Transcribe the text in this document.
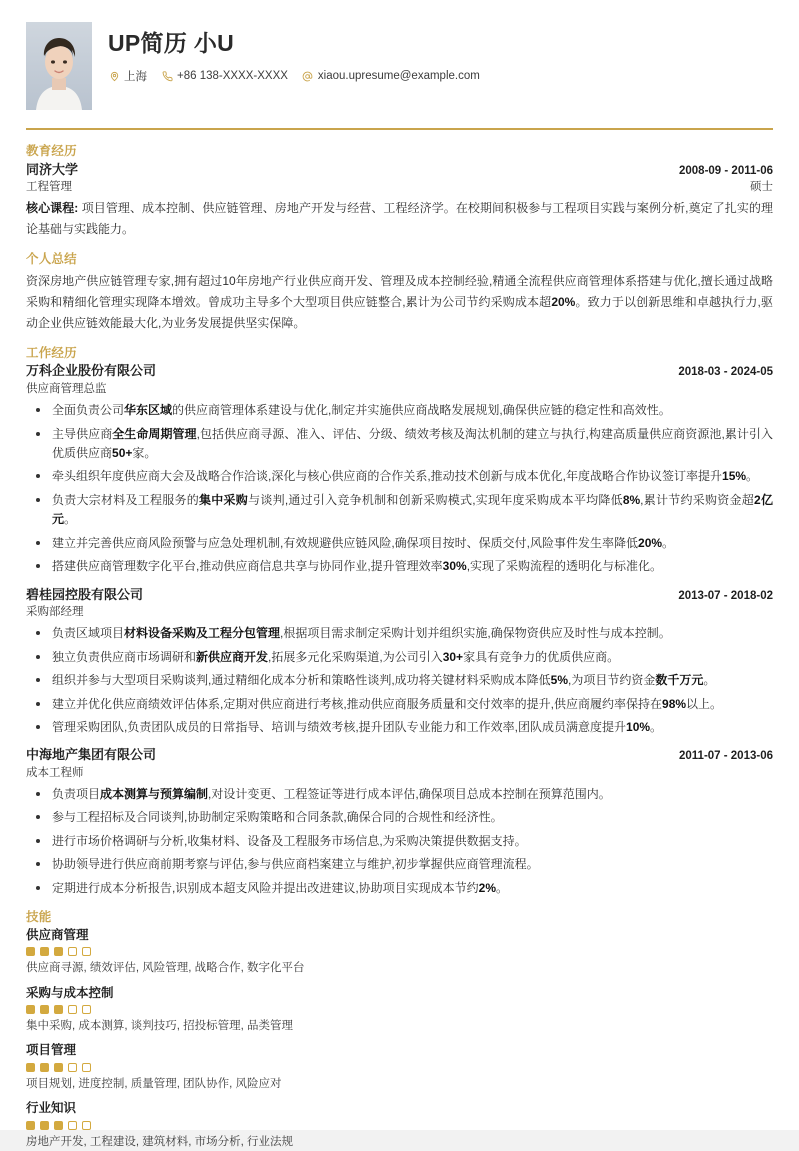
UP简历 小U
上海	+86 138-XXXX-XXXX	xiaou.upresume@example.com
教育经历
同济大学	2008-09 - 2011-06
工程管理	硕士

核心课程: 项目管理、成本控制、供应链管理、房地产开发与经营、工程经济学。在校期间积极参与工程项目实践与案例分析,奠定了扎实的理论基础与实践能力。

个人总结

资深房地产供应链管理专家,拥有超过10年房地产行业供应商开发、管理及成本控制经验,精通全流程供应商管理体系搭建与优化,擅长通过战略采购和精细化管理实现降本增效。曾成功主导多个大型项目供应链整合,累计为公司节约采购成本超20%。致力于以创新思维和卓越执行力,驱动企业供应链效能最大化,为业务发展提供坚实保障。

工作经历
万科企业股份有限公司	2018-03 - 2024-05
供应商管理总监
全面负责公司华东区域的供应商管理体系建设与优化,制定并实施供应商战略发展规划,确保供应链的稳定性和高效性。
主导供应商全生命周期管理,包括供应商寻源、准入、评估、分级、绩效考核及淘汰机制的建立与执行,构建高质量供应商资源池,累计引入优质供应商50+家。
牵头组织年度供应商大会及战略合作洽谈,深化与核心供应商的合作关系,推动技术创新与成本优化,年度战略合作协议签订率提升15%。
负责大宗材料及工程服务的集中采购与谈判,通过引入竞争机制和创新采购模式,实现年度采购成本平均降低8%,累计节约采购资金超2亿元。
建立并完善供应商风险预警与应急处理机制,有效规避供应链风险,确保项目按时、保质交付,风险事件发生率降低20%。
搭建供应商管理数字化平台,推动供应商信息共享与协同作业,提升管理效率30%,实现了采购流程的透明化与标准化。
碧桂园控股有限公司	2013-07 - 2018-02
采购部经理
负责区域项目材料设备采购及工程分包管理,根据项目需求制定采购计划并组织实施,确保物资供应及时性与成本控制。
独立负责供应商市场调研和新供应商开发,拓展多元化采购渠道,为公司引入30+家具有竞争力的优质供应商。
组织并参与大型项目采购谈判,通过精细化成本分析和策略性谈判,成功将关键材料采购成本降低5%,为项目节约资金数千万元。
建立并优化供应商绩效评估体系,定期对供应商进行考核,推动供应商服务质量和交付效率的提升,供应商履约率保持在98%以上。
管理采购团队,负责团队成员的日常指导、培训与绩效考核,提升团队专业能力和工作效率,团队成员满意度提升10%。
中海地产集团有限公司	2011-07 - 2013-06
成本工程师
负责项目成本测算与预算编制,对设计变更、工程签证等进行成本评估,确保项目总成本控制在预算范围内。
参与工程招标及合同谈判,协助制定采购策略和合同条款,确保合同的合规性和经济性。
进行市场价格调研与分析,收集材料、设备及工程服务市场信息,为采购决策提供数据支持。
协助领导进行供应商前期考察与评估,参与供应商档案建立与维护,初步掌握供应商管理流程。
定期进行成本分析报告,识别成本超支风险并提出改进建议,协助项目实现成本节约2%。
技能
供应商管理
供应商寻源, 绩效评估, 风险管理, 战略合作, 数字化平台
采购与成本控制
集中采购, 成本测算, 谈判技巧, 招投标管理, 品类管理
项目管理
项目规划, 进度控制, 质量管理, 团队协作, 风险应对
行业知识
房地产开发, 工程建设, 建筑材料, 市场分析, 行业法规
